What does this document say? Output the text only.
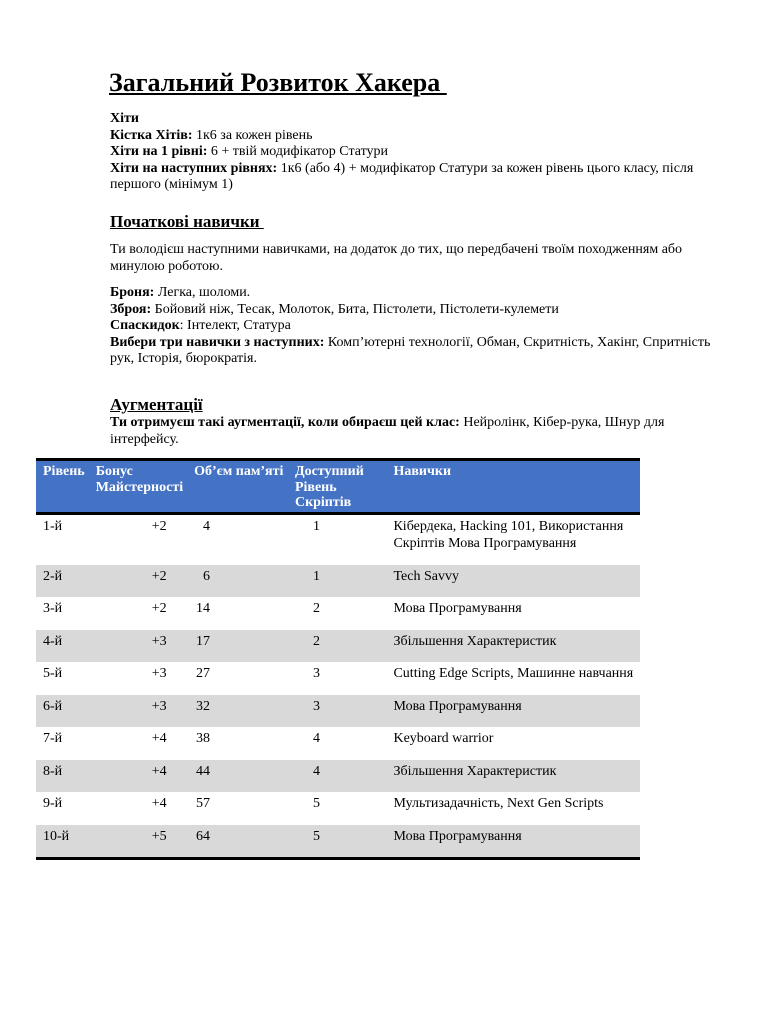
Загальний Розвиток Хакера
Хіти
Кістка Хітів: 1к6 за кожен рівень
Хіти на 1 рівні: 6 + твій модифікатор Статури
Хіти на наступних рівнях: 1к6 (або 4) + модифікатор Статури за кожен рівень цього класу, після першого (мінімум 1)
Початкові навички
Ти володієш наступними навичками, на додаток до тих, що передбачені твоїм походженням або минулою роботою.
Броня: Легка, шоломи.
Зброя: Бойовий ніж, Тесак, Молоток, Бита, Пістолети, Пістолети-кулемети
Спаскидок: Інтелект, Статура
Вибери три навички з наступних: Комп’ютерні технології, Обман, Скритність, Хакінг, Спритність рук, Історія, бюрократія.
Аугментації
Ти отримуєш такі аугментації, коли обираєш цей клас: Нейролінк, Кібер-рука, Шнур для інтерфейсу.
Рівень	Бонус Майстерності	Об’єм пам’яті	Доступний Рівень Скріптів	Навички
1-й	+2	4	1	Кібердека, Hacking 101, Використання Скріптів Мова Програмування
2-й	+2	6	1	Tech Savvy
3-й	+2	14	2	Мова Програмування
4-й	+3	17	2	Збільшення Характеристик
5-й	+3	27	3	Cutting Edge Scripts, Машинне навчання
6-й	+3	32	3	Мова Програмування
7-й	+4	38	4	Keyboard warrior
8-й	+4	44	4	Збільшення Характеристик
9-й	+4	57	5	Мультизадачність, Next Gen Scripts
10-й	+5	64	5	Мова Програмування
